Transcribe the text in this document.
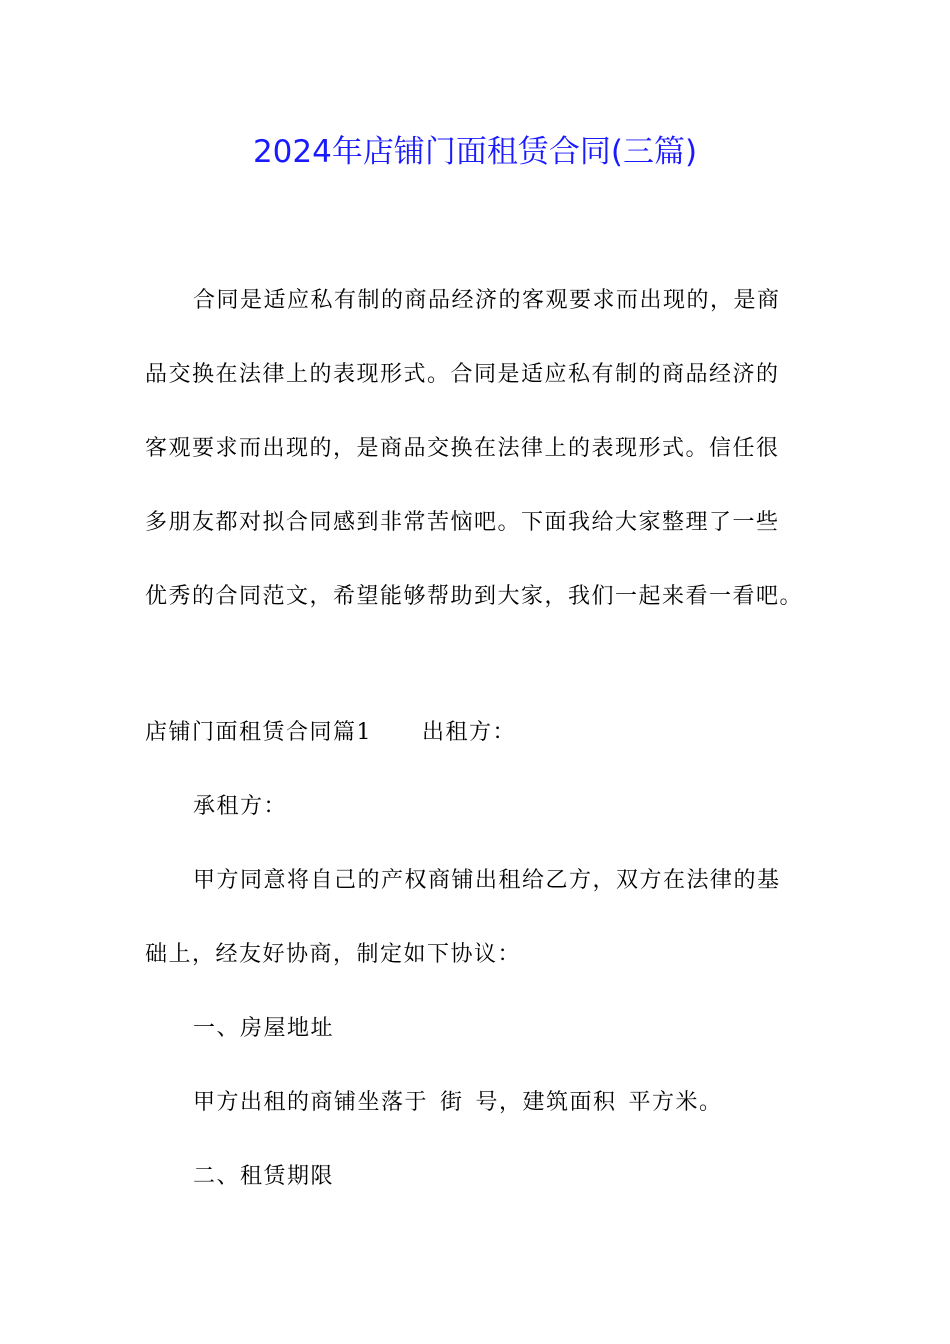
2024年店铺门面租赁合同(三篇)
合同是适应私有制的商品经济的客观要求而出现的，是商
品交换在法律上的表现形式。合同是适应私有制的商品经济的
客观要求而出现的，是商品交换在法律上的表现形式。信任很
多朋友都对拟合同感到非常苦恼吧。下面我给大家整理了一些
优秀的合同范文，希望能够帮助到大家，我们一起来看一看吧。
店铺门面租赁合同篇1 出租方：
承租方：
甲方同意将自己的产权商铺出租给乙方，双方在法律的基
础上，经友好协商，制定如下协议：
一、房屋地址
甲方出租的商铺坐落于 街 号，建筑面积 平方米。
二、租赁期限
